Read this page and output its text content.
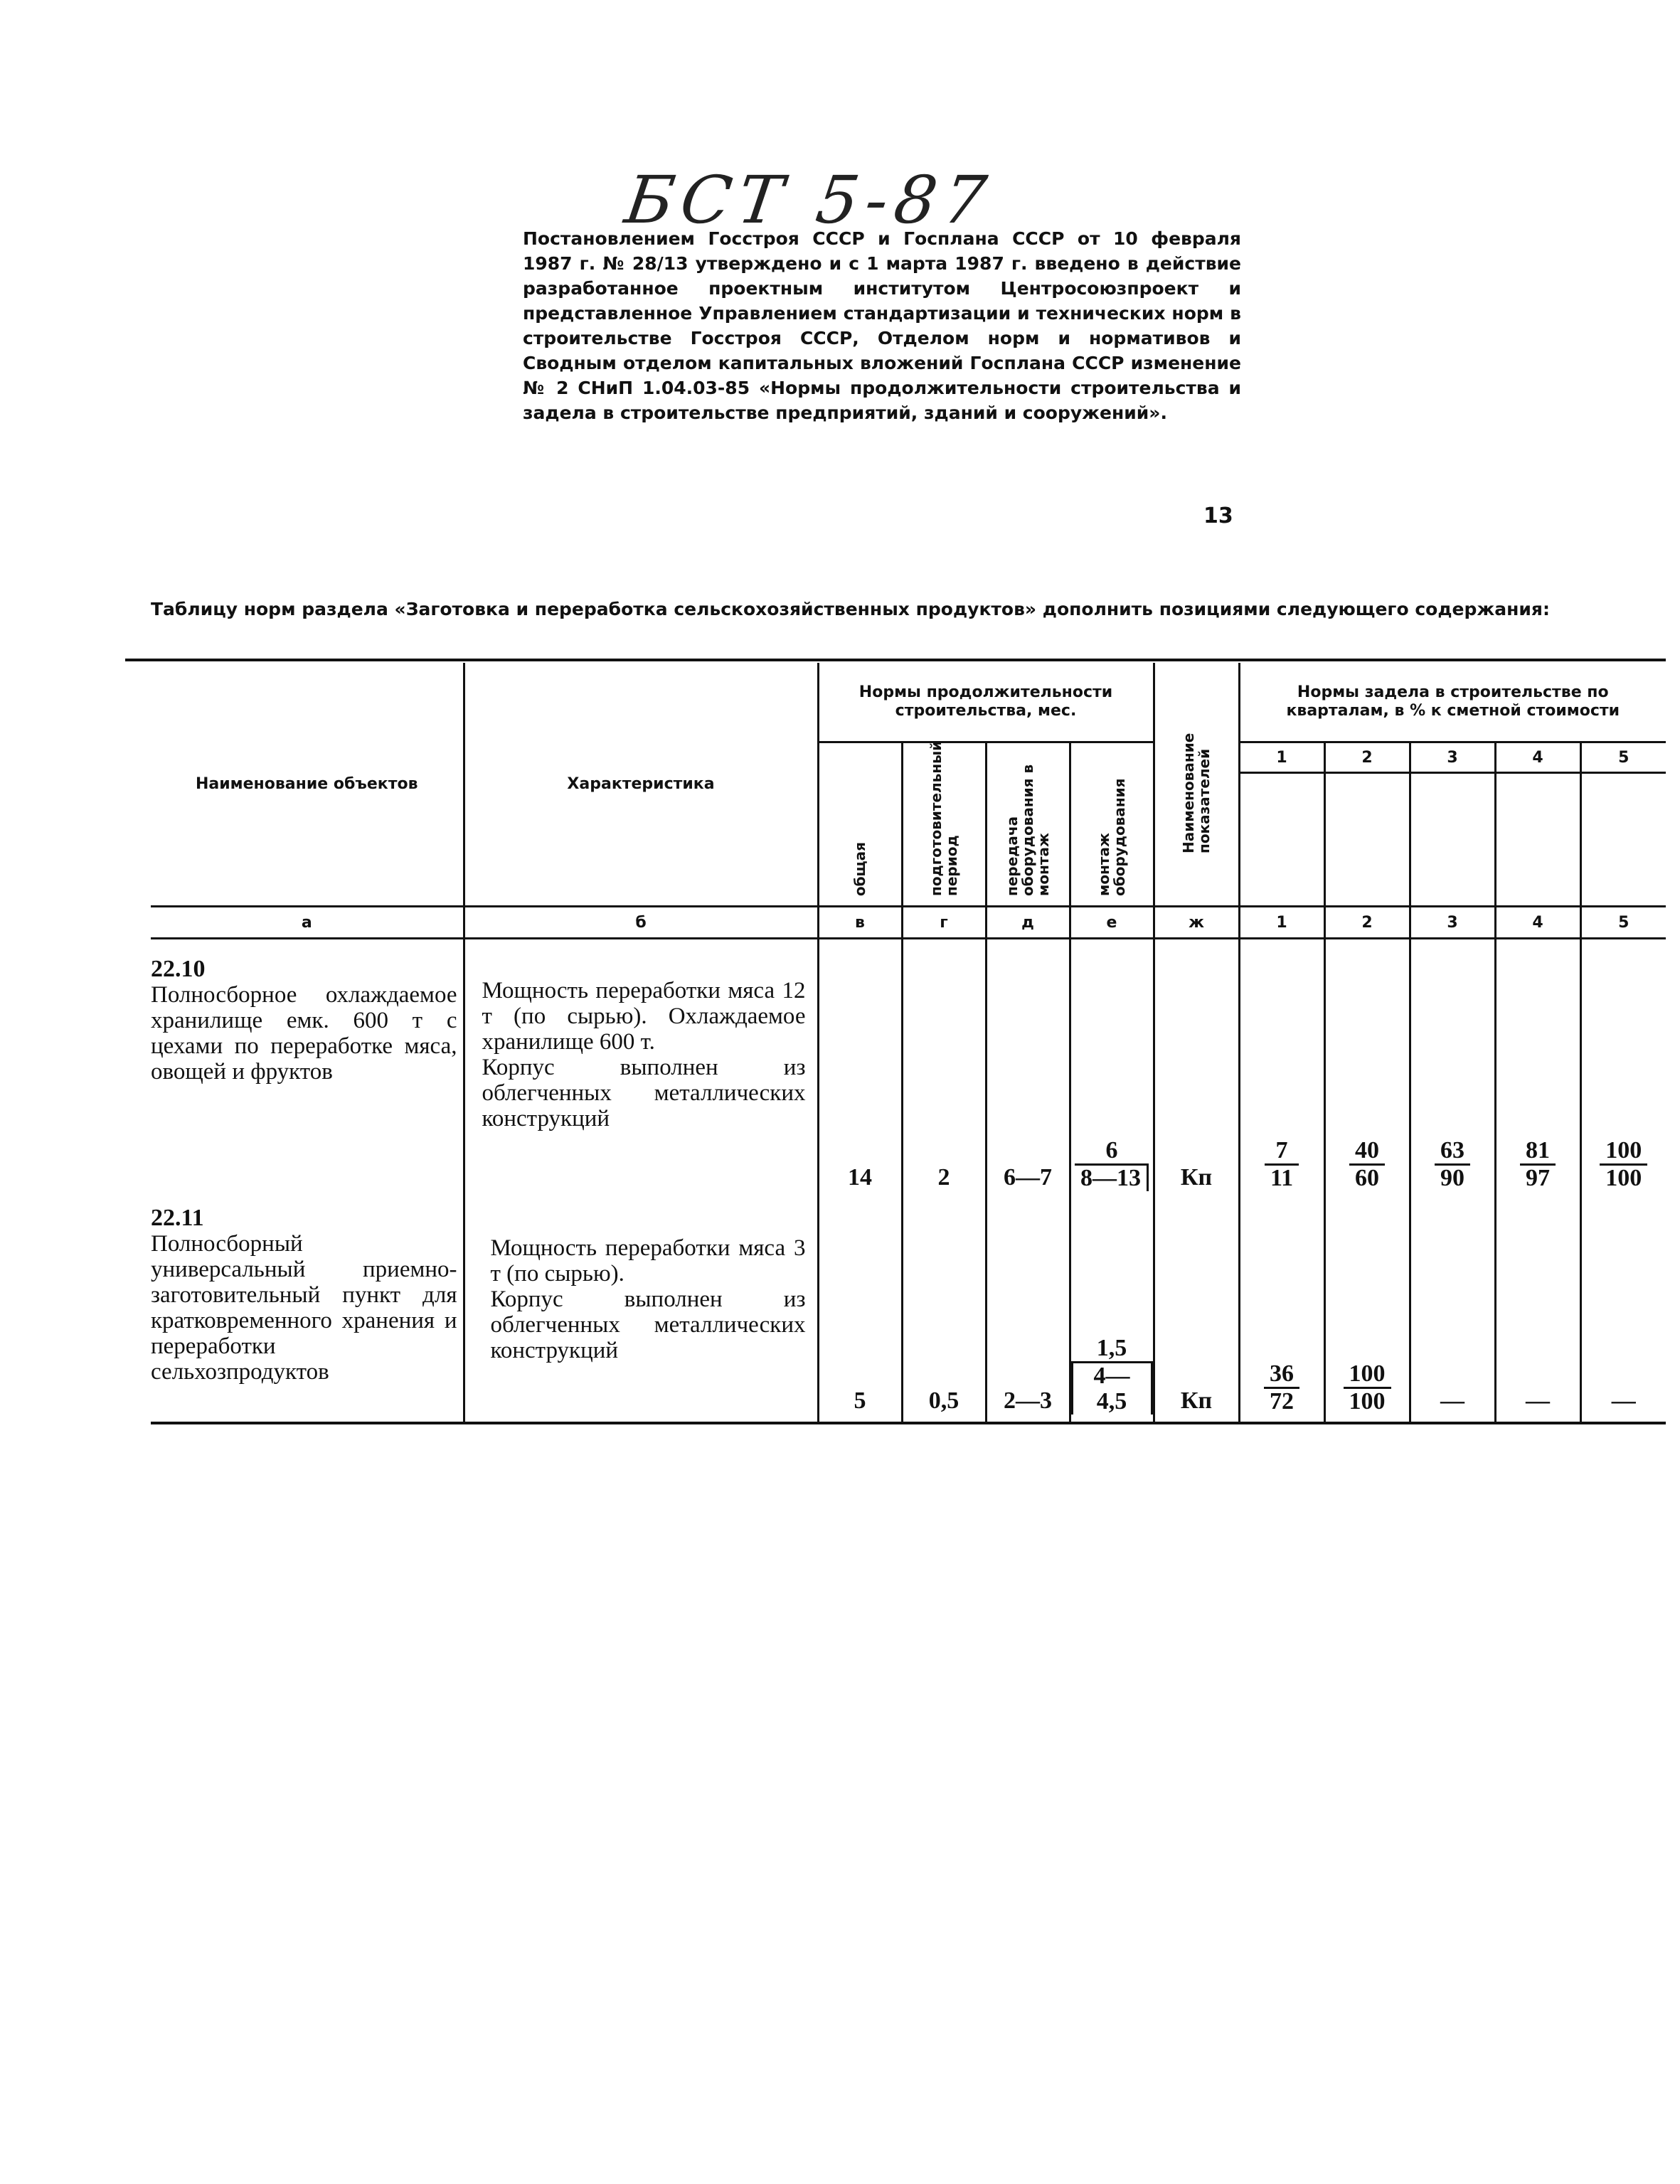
БСТ 5-87
Постановлением Госстроя СССР и Госплана СССР от 10 февраля 1987 г. № 28/13 утверждено и с 1 марта 1987 г. введено в действие разработанное проектным институтом Центросоюзпроект и представленное Управлением стандартизации и технических норм в строительстве Госстроя СССР, Отделом норм и нормативов и Сводным отделом капитальных вложений Госплана СССР изменение № 2 СНиП 1.04.03-85 «Нормы продолжительности строительства и задела в строительстве предприятий, зданий и сооружений».
13
Таблицу норм раздела «Заготовка и переработка сельскохозяйственных продуктов» дополнить позициями следующего содержания:
Наименование объектов	Характеристика	Нормы продолжительности строительства, мес.				Наименование показателей	Нормы задела в строительстве по кварталам, в % к сметной стоимости				
		общая	подготовительный период	передача оборудования в монтаж	монтаж оборудования		1	2	3	4	5

а	б	в	г	д	е	ж	1	2	3	4	5

22.10
Полносборное охлаждаемое хранилище емк. 600 т с цехами по переработке мяса, овощей и фруктов	Мощность переработки мяса 12 т (по сырью). Охлаждаемое хранилище 600 т.
Корпус выполнен из облегченных металлических конструкций	14	2	6—7	$\frac{6}{8—13}$	Кп	$\frac{7}{11}$	$\frac{40}{60}$	$\frac{63}{90}$	$\frac{81}{97}$	$\frac{100}{100}$

22.11
Полносборный универсальный приемно-заготовительный пункт для кратковременного хранения и переработки сельхозпродуктов	Мощность переработки мяса 3 т (по сырью).
Корпус выполнен из облегченных металлических конструкций	5	0,5	2—3	$\frac{1,5}{4—4,5}$	Кп	$\frac{36}{72}$	$\frac{100}{100}$	—	—	—
